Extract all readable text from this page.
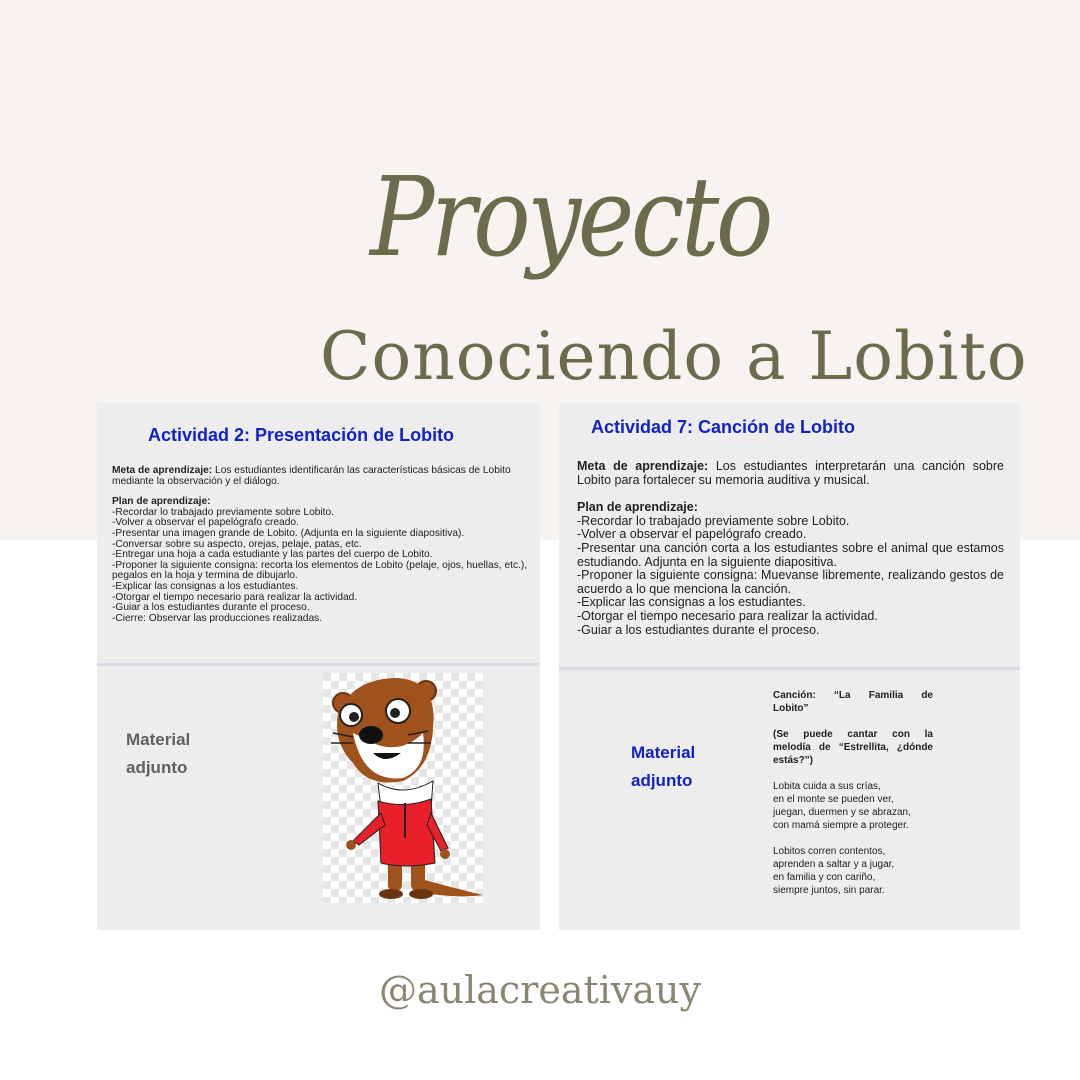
Proyecto
Conociendo a Lobito
Actividad 2: Presentación de Lobito

Meta de aprendizaje: Los estudiantes identificarán las características básicas de Lobito mediante la observación y el diálogo.

Plan de aprendizaje:

-Recordar lo trabajado previamente sobre Lobito.

-Volver a observar el papelógrafo creado.

-Presentar una imagen grande de Lobito. (Adjunta en la siguiente diapositiva).

-Conversar sobre su aspecto, orejas, pelaje, patas, etc.

-Entregar una hoja a cada estudiante y las partes del cuerpo de Lobito.

-Proponer la siguiente consigna: recorta los elementos de Lobito (pelaje, ojos, huellas, etc.), pegalos en la hoja y termina de dibujarlo.

-Explicar las consignas a los estudiantes.

-Otorgar el tiempo necesario para realizar la actividad.

-Guiar a los estudiantes durante el proceso.

-Cierre: Observar las producciones realizadas.

Material
adjunto
Actividad 7: Canción de Lobito

Meta de aprendizaje: Los estudiantes interpretarán una canción sobre Lobito para fortalecer su memoria auditiva y musical.

Plan de aprendizaje:

-Recordar lo trabajado previamente sobre Lobito.

-Volver a observar el papelógrafo creado.

-Presentar una canción corta a los estudiantes sobre el animal que estamos estudiando. Adjunta en la siguiente diapositiva.

-Proponer la siguiente consigna: Muevanse libremente, realizando gestos de acuerdo a lo que menciona la canción.

-Explicar las consignas a los estudiantes.

-Otorgar el tiempo necesario para realizar la actividad.

-Guiar a los estudiantes durante el proceso.

Material
adjunto

Canción: “La Familia de

Lobito”

(Se puede cantar con la

melodía de “Estrellita, ¿dónde

estás?”)

Lobita cuida a sus crías,

en el monte se pueden ver,

juegan, duermen y se abrazan,

con mamá siempre a proteger.

Lobitos corren contentos,

aprenden a saltar y a jugar,

en familia y con cariño,

siempre juntos, sin parar.

@aulacreativauy
